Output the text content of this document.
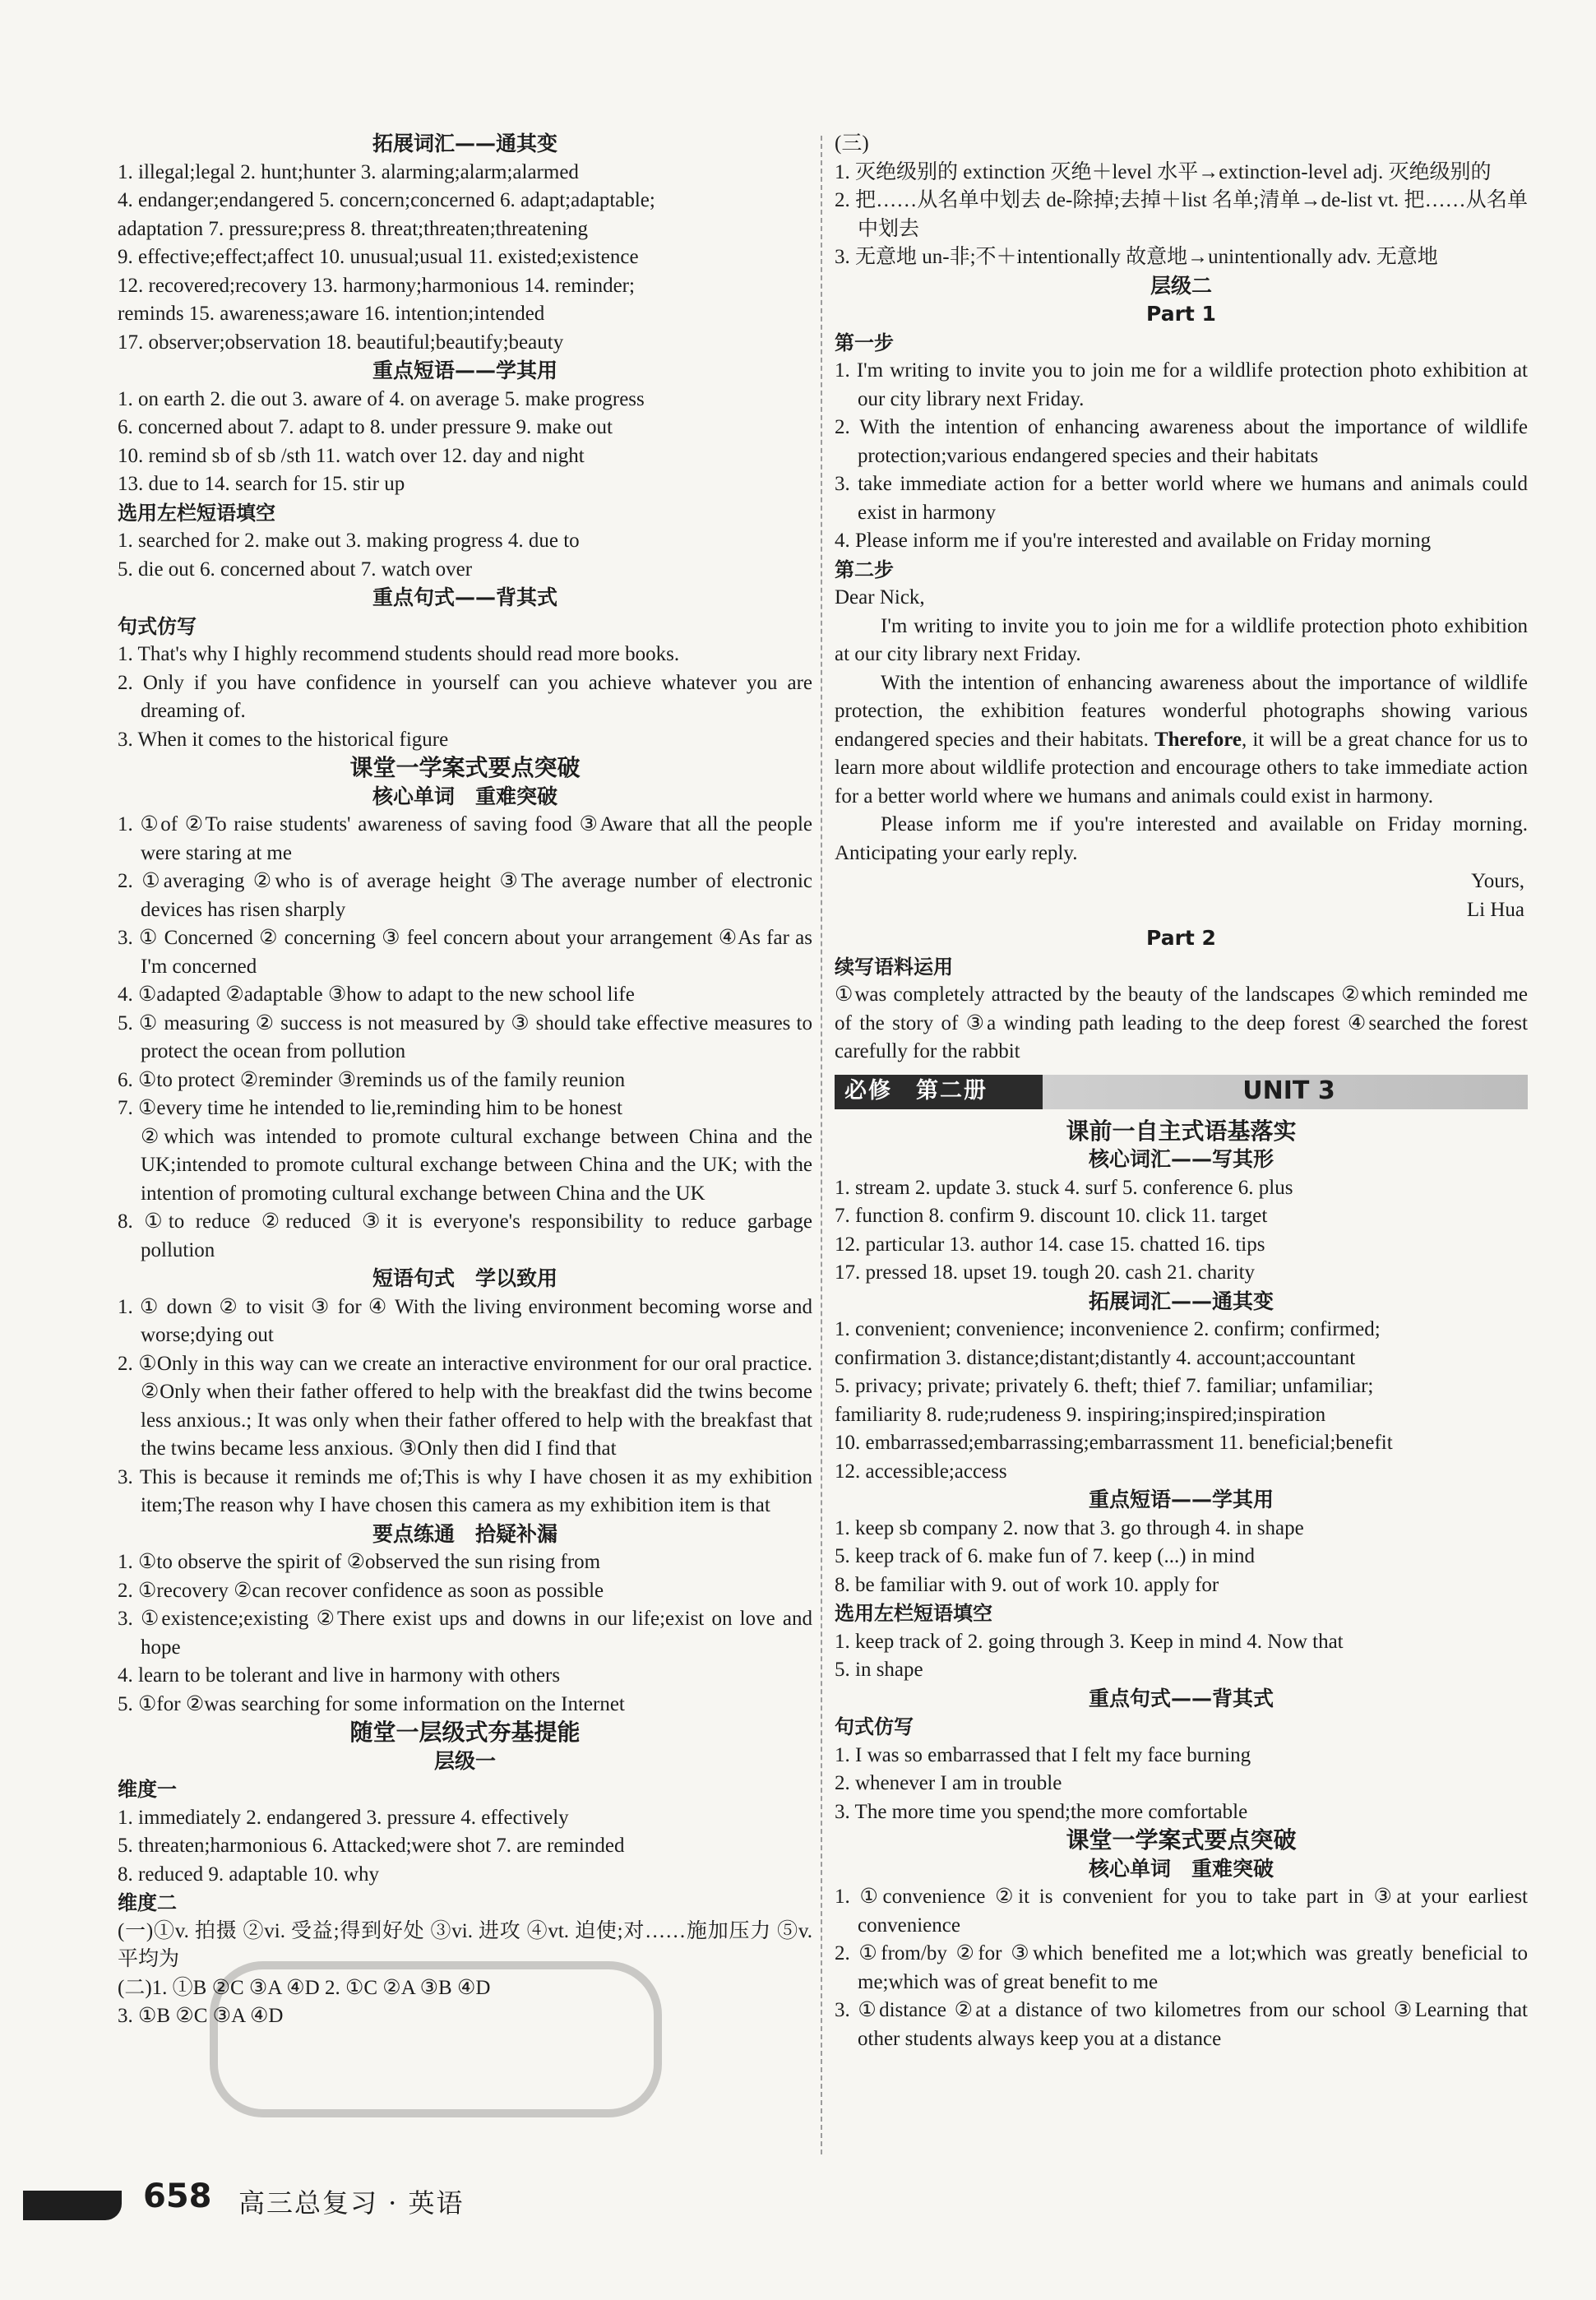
拓展词汇——通其变
1. illegal;legal 2. hunt;hunter 3. alarming;alarm;alarmed
4. endanger;endangered 5. concern;concerned 6. adapt;adaptable;
adaptation 7. pressure;press 8. threat;threaten;threatening
9. effective;effect;affect 10. unusual;usual 11. existed;existence
12. recovered;recovery 13. harmony;harmonious 14. reminder;
reminds 15. awareness;aware 16. intention;intended
17. observer;observation 18. beautiful;beautify;beauty
重点短语——学其用
1. on earth 2. die out 3. aware of 4. on average 5. make progress
6. concerned about 7. adapt to 8. under pressure 9. make out
10. remind sb of sb /sth 11. watch over 12. day and night
13. due to 14. search for 15. stir up
选用左栏短语填空
1. searched for 2. make out 3. making progress 4. due to
5. die out 6. concerned about 7. watch over
重点句式——背其式
句式仿写
1. That's why I highly recommend students should read more books.
2. Only if you have confidence in yourself can you achieve whatever you are dreaming of.
3. When it comes to the historical figure
课堂一学案式要点突破
核心单词　重难突破
1. ①of ②To raise students' awareness of saving food ③Aware that all the people were staring at me
2. ①averaging ②who is of average height ③The average number of electronic devices has risen sharply
3. ① Concerned ② concerning ③ feel concern about your arrangement ④As far as I'm concerned
4. ①adapted ②adaptable ③how to adapt to the new school life
5. ① measuring ② success is not measured by ③ should take effective measures to protect the ocean from pollution
6. ①to protect ②reminder ③reminds us of the family reunion
7. ①every time he intended to lie,reminding him to be honest
②which was intended to promote cultural exchange between China and the UK;intended to promote cultural exchange between China and the UK; with the intention of promoting cultural exchange between China and the UK
8. ①to reduce ②reduced ③it is everyone's responsibility to reduce garbage pollution
短语句式　学以致用
1. ① down ② to visit ③ for ④ With the living environment becoming worse and worse;dying out
2. ①Only in this way can we create an interactive environment for our oral practice. ②Only when their father offered to help with the breakfast did the twins become less anxious.; It was only when their father offered to help with the breakfast that the twins became less anxious. ③Only then did I find that
3. This is because it reminds me of;This is why I have chosen it as my exhibition item;The reason why I have chosen this camera as my exhibition item is that
要点练通　拾疑补漏
1. ①to observe the spirit of ②observed the sun rising from
2. ①recovery ②can recover confidence as soon as possible
3. ①existence;existing ②There exist ups and downs in our life;exist on love and hope
4. learn to be tolerant and live in harmony with others
5. ①for ②was searching for some information on the Internet
随堂一层级式夯基提能
层级一
维度一
1. immediately 2. endangered 3. pressure 4. effectively
5. threaten;harmonious 6. Attacked;were shot 7. are reminded
8. reduced 9. adaptable 10. why
维度二
(一)①v. 拍摄 ②vi. 受益;得到好处 ③vi. 进攻 ④vt. 迫使;对……施加压力 ⑤v. 平均为
(二)1. ①B ②C ③A ④D 2. ①C ②A ③B ④D
3. ①B ②C ③A ④D
(三)
1. 灭绝级别的 extinction 灭绝＋level 水平→extinction-level adj. 灭绝级别的
2. 把……从名单中划去 de-除掉;去掉＋list 名单;清单→de-list vt. 把……从名单中划去
3. 无意地 un-非;不＋intentionally 故意地→unintentionally adv. 无意地
层级二
Part 1
第一步
1. I'm writing to invite you to join me for a wildlife protection photo exhibition at our city library next Friday.
2. With the intention of enhancing awareness about the importance of wildlife protection;various endangered species and their habitats
3. take immediate action for a better world where we humans and animals could exist in harmony
4. Please inform me if you're interested and available on Friday morning
第二步
Dear Nick,
I'm writing to invite you to join me for a wildlife protection photo exhibition at our city library next Friday.
With the intention of enhancing awareness about the importance of wildlife protection, the exhibition features wonderful photographs showing various endangered species and their habitats. Therefore, it will be a great chance for us to learn more about wildlife protection and encourage others to take immediate action for a better world where we humans and animals could exist in harmony.
Please inform me if you're interested and available on Friday morning. Anticipating your early reply.
Yours,
Li Hua
Part 2
续写语料运用
①was completely attracted by the beauty of the landscapes ②which reminded me of the story of ③a winding path leading to the deep forest ④searched the forest carefully for the rabbit
必修　第二册	UNIT 3
课前一自主式语基落实
核心词汇——写其形
1. stream 2. update 3. stuck 4. surf 5. conference 6. plus
7. function 8. confirm 9. discount 10. click 11. target
12. particular 13. author 14. case 15. chatted 16. tips
17. pressed 18. upset 19. tough 20. cash 21. charity
拓展词汇——通其变
1. convenient; convenience; inconvenience 2. confirm; confirmed;
confirmation 3. distance;distant;distantly 4. account;accountant
5. privacy; private; privately 6. theft; thief 7. familiar; unfamiliar;
familiarity 8. rude;rudeness 9. inspiring;inspired;inspiration
10. embarrassed;embarrassing;embarrassment 11. beneficial;benefit
12. accessible;access
重点短语——学其用
1. keep sb company 2. now that 3. go through 4. in shape
5. keep track of 6. make fun of 7. keep (...) in mind
8. be familiar with 9. out of work 10. apply for
选用左栏短语填空
1. keep track of 2. going through 3. Keep in mind 4. Now that
5. in shape
重点句式——背其式
句式仿写
1. I was so embarrassed that I felt my face burning
2. whenever I am in trouble
3. The more time you spend;the more comfortable
课堂一学案式要点突破
核心单词　重难突破
1. ①convenience ②it is convenient for you to take part in ③at your earliest convenience
2. ①from/by ②for ③which benefited me a lot;which was greatly beneficial to me;which was of great benefit to me
3. ①distance ②at a distance of two kilometres from our school ③Learning that other students always keep you at a distance
658 高三总复习 · 英语
